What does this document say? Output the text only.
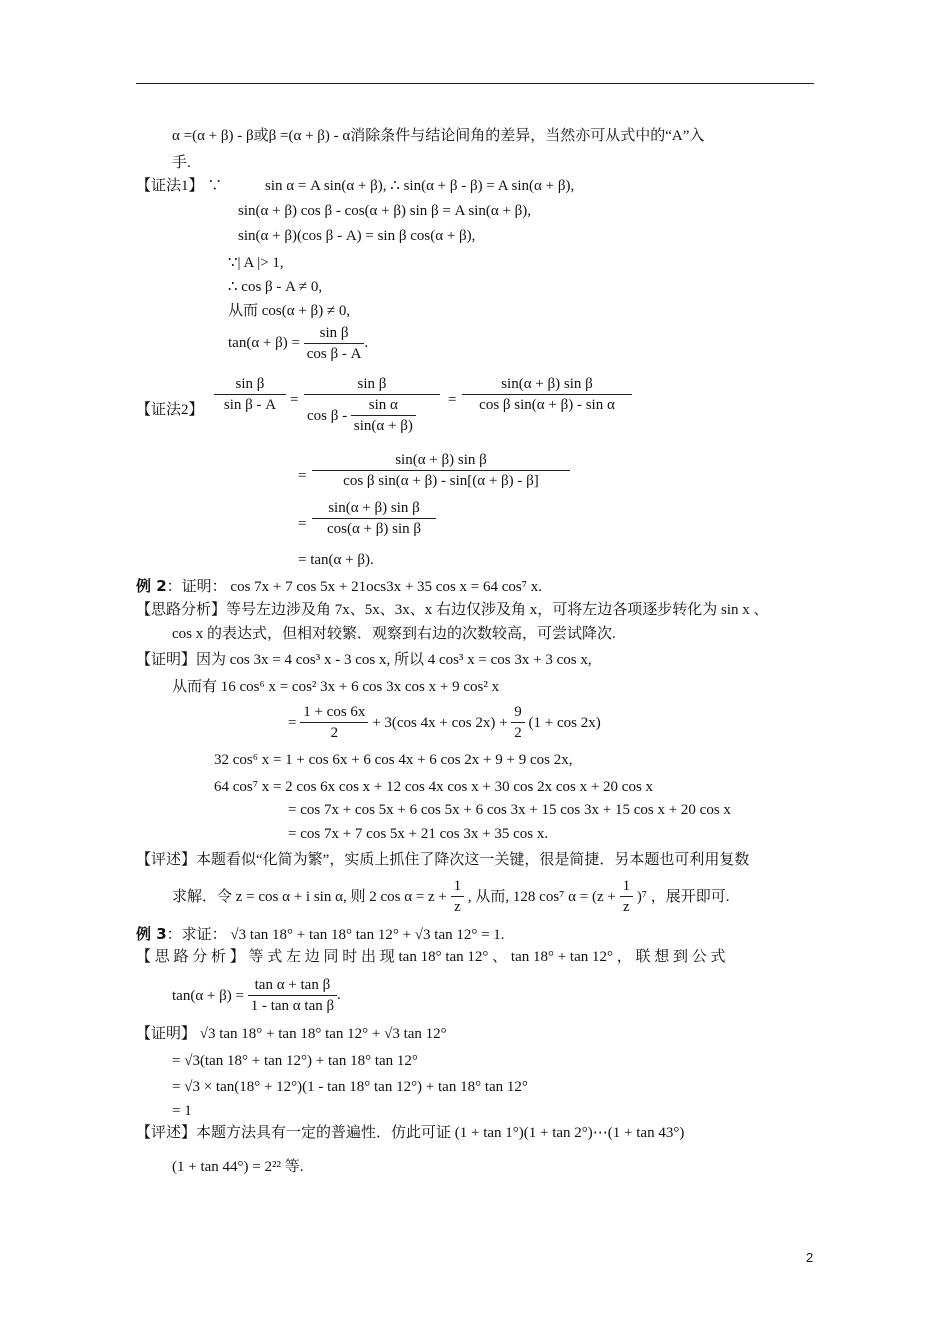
α =(α + β) - β或β =(α + β) - α消除条件与结论间角的差异，当然亦可从式中的“A”入
手.
【证法1】 ∵	sin α = A sin(α + β), ∴ sin(α + β - β) = A sin(α + β),
sin(α + β) cos β - cos(α + β) sin β = A sin(α + β),
sin(α + β)(cos β - A) = sin β cos(α + β),
∵| A |> 1,
∴ cos β - A ≠ 0,
从而 cos(α + β) ≠ 0,
$\tan(\alpha + \beta) = \frac{\text{sin β}}{\text{cos β - A}}$ .
【证法2】 $\frac{\text{sin β}}{\text{sin β - A}} = \frac{\text{sin β}}{\cos \beta - \frac{\text{sin α}}{\sin(\alpha + \beta)}} = \frac{\text{sin(α + β) sin β}}{\text{cos β sin(α + β) - sin α}}$
= $\frac{\text{sin(α + β) sin β}}{\text{cos β sin(α + β) - sin[(α + β) - β]}}$
= $\frac{\text{sin(α + β) sin β}}{\text{cos(α + β) sin β}}$
= tan(α + β).
例 2：证明： cos 7x + 7 cos 5x + 21ocs3x + 35 cos x = 64 cos⁷ x.
【思路分析】等号左边涉及角 7x、5x、3x、x 右边仅涉及角 x，可将左边各项逐步转化为 sin x 、
cos x 的表达式，但相对较繁．观察到右边的次数较高，可尝试降次.
【证明】因为 cos 3x = 4 cos³ x - 3 cos x, 所以 4 cos³ x = cos 3x + 3 cos x,
从而有 16 cos⁶ x = cos² 3x + 6 cos 3x cos x + 9 cos² x
= $\frac{1 + \cos 6x}{2} + 3(\cos$ $4x + \cos 2x) + \frac{9}{2} (1 + \cos 2x)$
32 cos⁶ x = 1 + cos 6x + 6 cos 4x + 6 cos 2x + 9 + 9 cos 2x,
64 cos⁷ x = 2 cos 6x cos x + 12 cos 4x cos x + 30 cos 2x cos x + 20 cos x
= cos 7x + cos 5x + 6 cos 5x + 6 cos 3x + 15 cos 3x + 15 cos x + 20 cos x
= cos 7x + 7 cos 5x + 21 cos 3x + 35 cos x.
【评述】本题看似“化简为繁”，实质上抓住了降次这一关键，很是简捷．另本题也可利用复数
求解．令 z = cos α + i sin α, 则 2 $\cos \alpha = z + \frac{1}{z}$ , 从而, 128 cos⁷ $\alpha = (z + \frac{1}{z} )^7$ ，展开即可.
例 3：求证： √3 tan 18° + tan 18° tan 12° + √3 tan 12° = 1.
【 思 路 分 析 】 等 式 左 边 同 时 出 现 tan 18° tan 12° 、 tan 18° + tan 12° ， 联 想 到 公 式
$\tan(\alpha + \beta) = \frac{\text{tan α + tan β}}{\text{1 - tan α tan β}}$ .
【证明】 √3 tan 18° + tan 18° tan 12° + √3 tan 12°
= √3(tan 18° + tan 12°) + tan 18° tan 12°
= √3 × tan(18° + 12°)(1 - tan 18° tan 12°) + tan 18° tan 12°
= 1
【评述】本题方法具有一定的普遍性．仿此可证 (1 + tan 1°)(1 + tan 2°)⋯(1 + tan 43°)
(1 + tan 44°) = 2²² 等.
2
